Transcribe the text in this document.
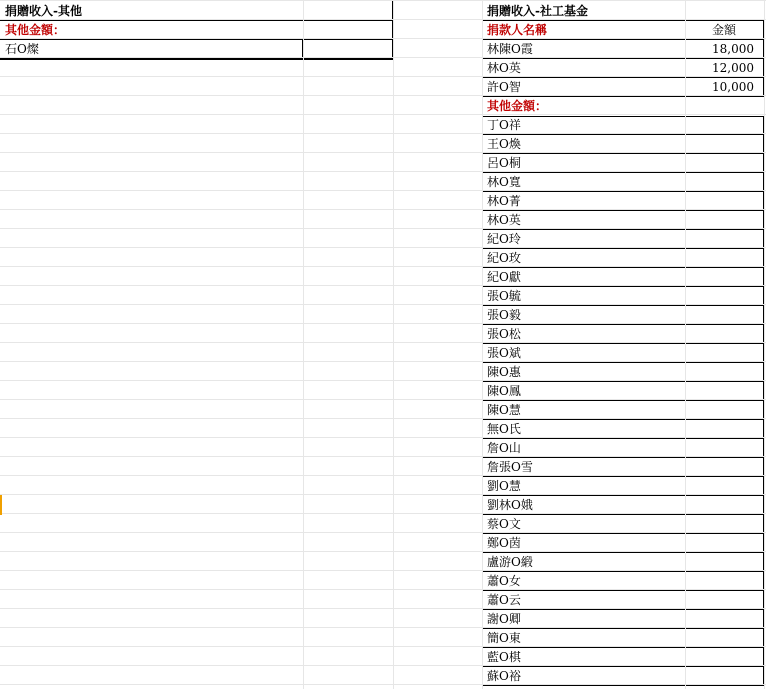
捐贈收入-其他
其他金額：
石O燦
捐贈收入-社工基金
捐款人名稱	金額
林陳O霞	18,000
林O英	12,000
許O智	10,000
其他金額：
丁O祥
王O煥
呂O桐
林O寬
林O菁
林O英
紀O玲
紀O玫
紀O獻
張O毓
張O毅
張O松
張O斌
陳O惠
陳O鳳
陳O慧
無O氏
詹O山
詹張O雪
劉O慧
劉林O娥
蔡O文
鄭O茵
盧游O緞
蕭O女
蕭O云
謝O卿
簡O東
藍O棋
蘇O裕
